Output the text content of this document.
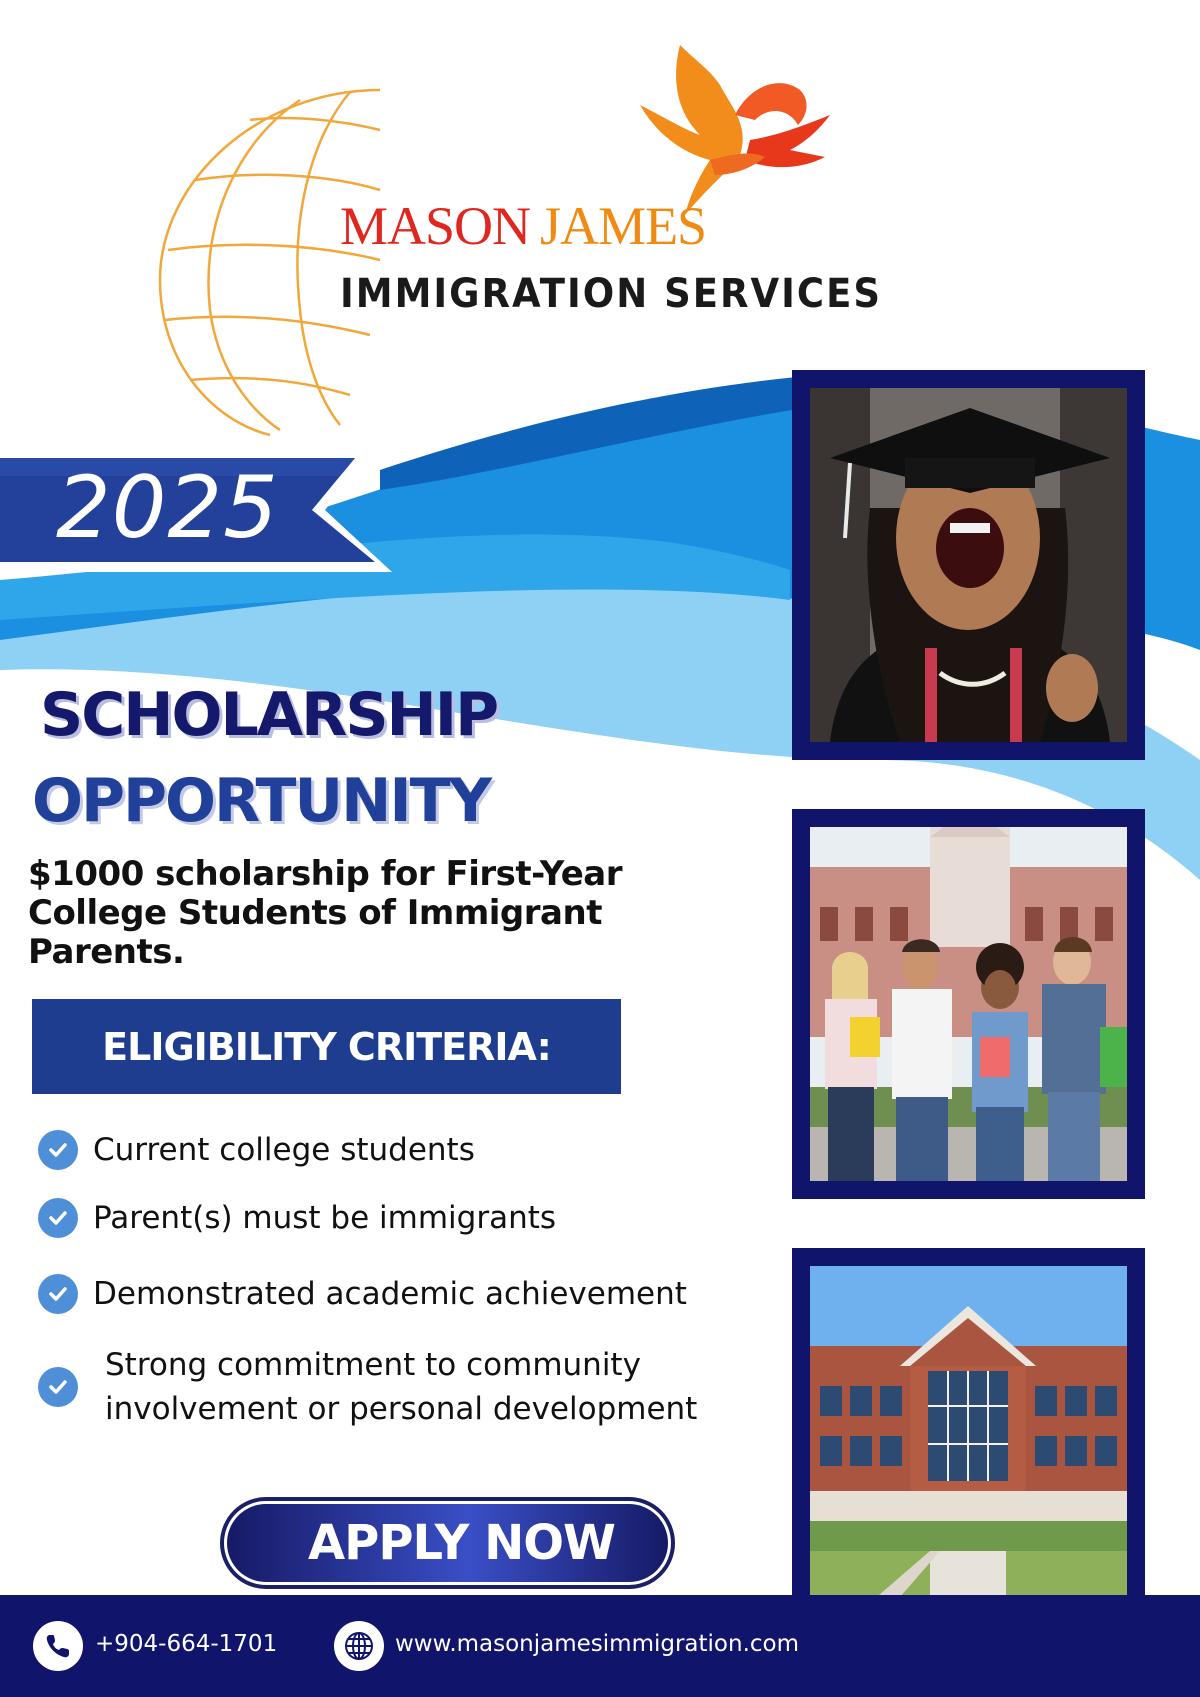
MASON JAMES
IMMIGRATION SERVICES
2025
SCHOLARSHIP
OPPORTUNITY
$1000 scholarship for First-Year College Students of Immigrant Parents.
ELIGIBILITY CRITERIA:
Current college students
Parent(s) must be immigrants
Demonstrated academic achievement
Strong commitment to community involvement or personal development
APPLY NOW
+904-664-1701	www.masonjamesimmigration.com
